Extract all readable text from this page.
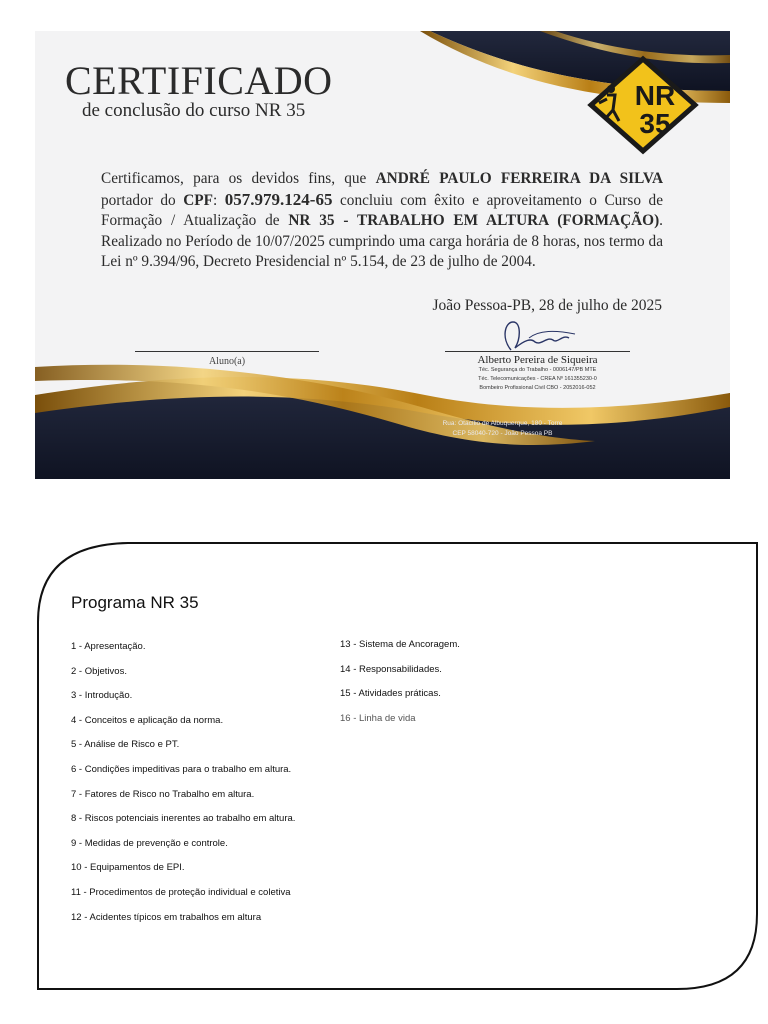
CERTIFICADO
de conclusão do curso NR 35	NR
35

Certificamos, para os devidos fins, que ANDRÉ PAULO FERREIRA DA SILVA portador do CPF: 057.979.124-65 concluiu com êxito e aproveitamento o Curso de Formação / Atualização de NR 35 - TRABALHO EM ALTURA (FORMAÇÃO). Realizado no Período de 10/07/2025 cumprindo uma carga horária de 8 horas, nos termo da Lei nº 9.394/96, Decreto Presidencial nº 5.154, de 23 de julho de 2004.

João Pessoa-PB, 28 de julho de 2025
Aluno(a)	Alberto Pereira de Siqueira
Téc. Segurança do Trabalho - 0006147/PB MTE
Téc. Telecomunicações - CREA Nº 161355230-0
Bombeiro Profissional Civil CBO - 2052016-052
Rua: Otacílio de Albuquerque, 180 - Torre
CEP 58040-720 - João Pessoa PB
Programa NR 35
1 - Apresentação.
2 - Objetivos.
3 - Introdução.
4 - Conceitos e aplicação da norma.
5 - Análise de Risco e PT.
6 - Condições impeditivas para o trabalho em altura.
7 - Fatores de Risco no Trabalho em altura.
8 - Riscos potenciais inerentes ao trabalho em altura.
9 - Medidas de prevenção e controle.
10 - Equipamentos de EPI.
11 - Procedimentos de proteção individual e coletiva
12 - Acidentes típicos em trabalhos em altura
13 - Sistema de Ancoragem.
14 - Responsabilidades.
15 - Atividades práticas.
16 - Linha de vida
